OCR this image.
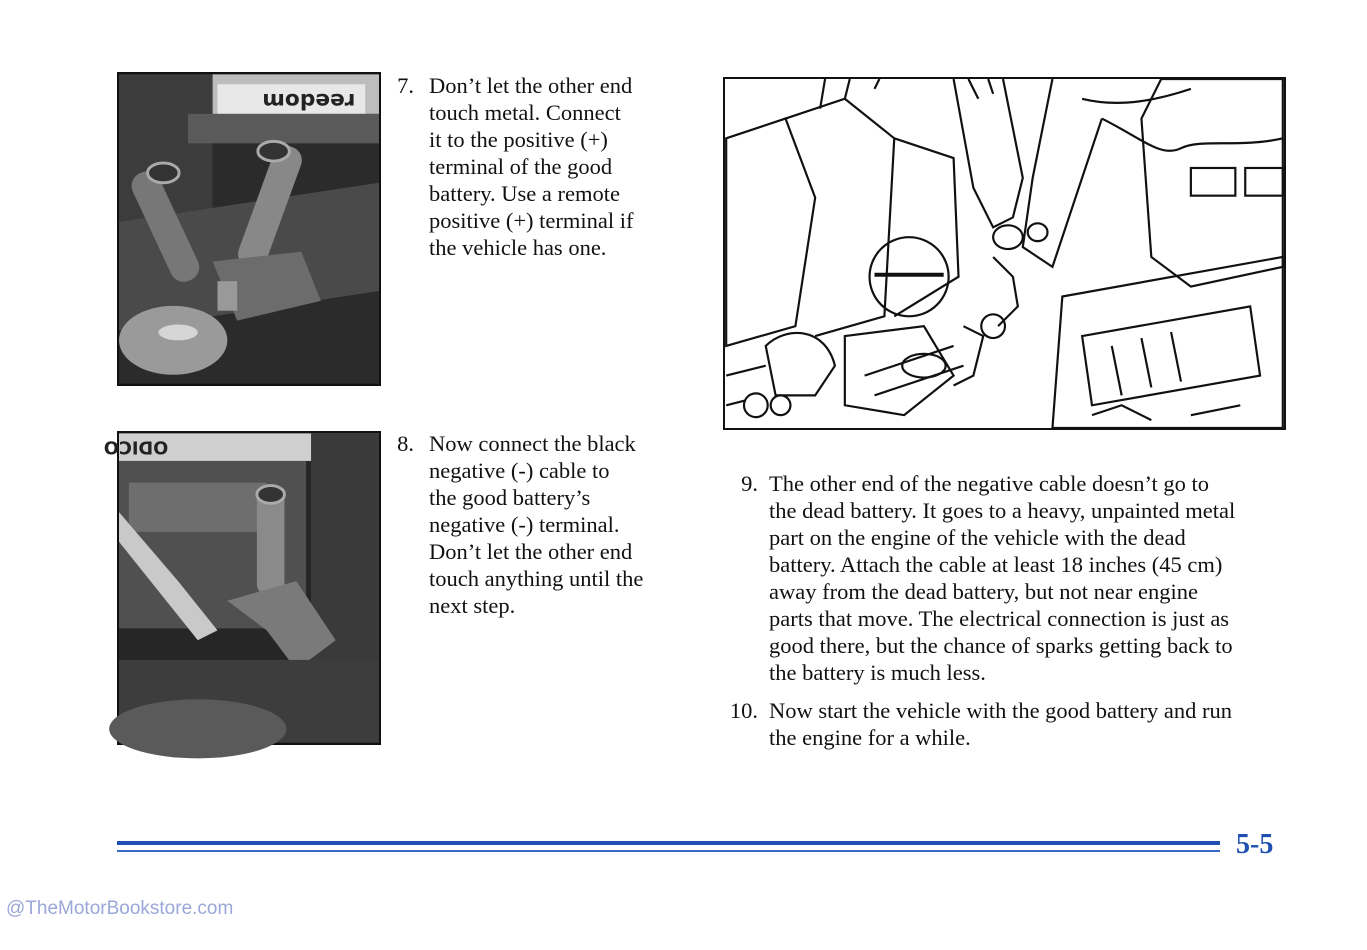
reedom
7. Don’t let the other end
touch metal. Connect
it to the positive (+)
terminal of the good
battery. Use a remote
positive (+) terminal if
the vehicle has one.
ODICO	8. Now connect the black
negative (-) cable to
the good battery’s
negative (-) terminal.
Don’t let the other end
touch anything until the
next step.
9. The other end of the negative cable doesn’t go to
the dead battery. It goes to a heavy, unpainted metal
part on the engine of the vehicle with the dead
battery. Attach the cable at least 18 inches (45 cm)
away from the dead battery, but not near engine
parts that move. The electrical connection is just as
good there, but the chance of sparks getting back to
the battery is much less.
10. Now start the vehicle with the good battery and run
the engine for a while.
5-5
@TheMotorBookstore.com
